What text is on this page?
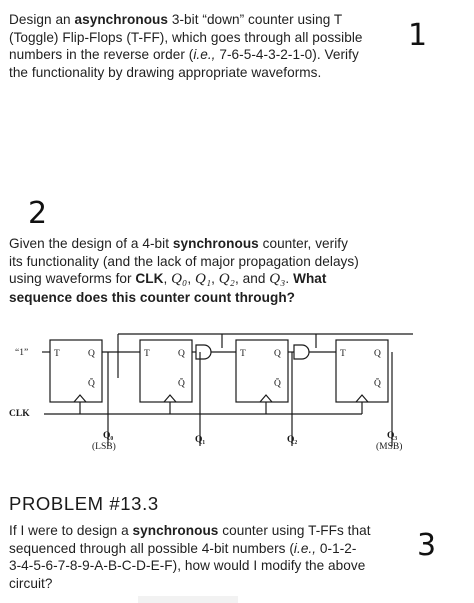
Design an asynchronous 3-bit “down” counter using T
(Toggle) Flip-Flops (T-FF), which goes through all possible
numbers in the reverse order (i.e., 7-6-5-4-3-2-1-0). Verify
the functionality by drawing appropriate waveforms.
1
2
Given the design of a 4-bit synchronous counter, verify
its functionality (and the lack of major propagation delays)
using waveforms for CLK, Q₀, Q₁, Q₂, and Q₃. What
sequence does this counter count through?
“1”
CLK
T	Q
Q̄
T	Q
Q̄
T	Q
Q̄
T	Q
Q̄
Q₀
(LSB)
Q₁	Q₂	Q₃
(MSB)
PROBLEM #13.3
If I were to design a synchronous counter using T-FFs that
sequenced through all possible 4-bit numbers (i.e., 0-1-2-
3-4-5-6-7-8-9-A-B-C-D-E-F), how would I modify the above
circuit?
3
